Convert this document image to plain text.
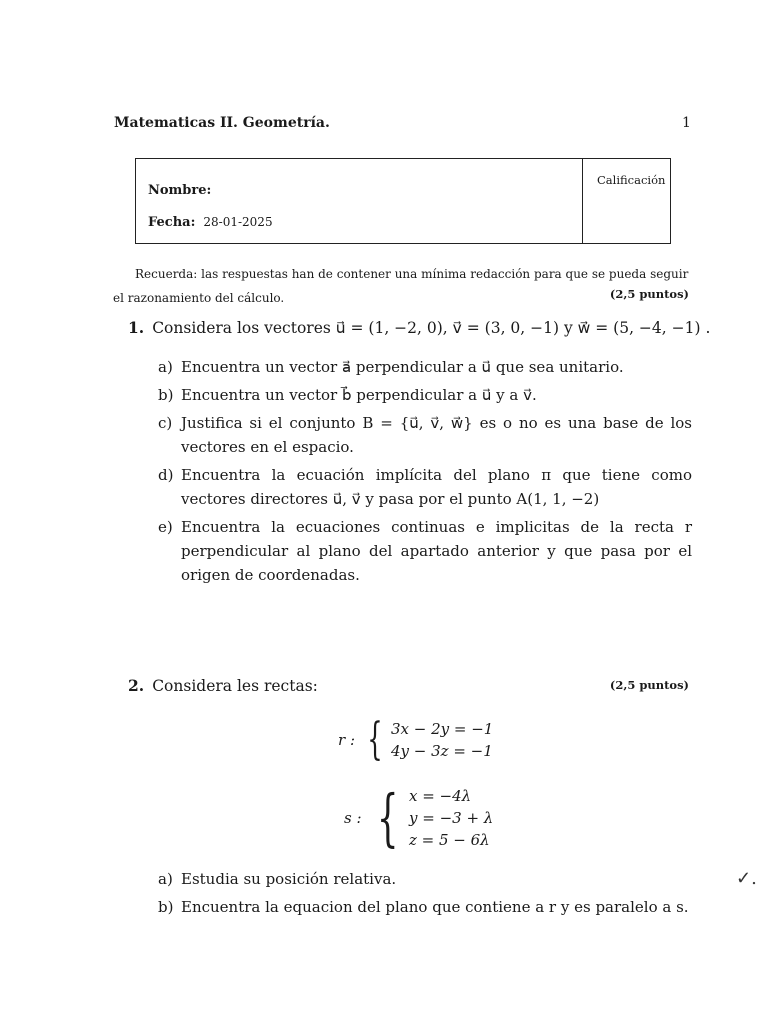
Matematicas II. Geometría.	1
Nombre:
Fecha: 28-01-2025
Calificación
Recuerda: las respuestas han de contener una mínima redacción para que se pueda seguir
el razonamiento del cálculo.	(2,5 puntos)
1. Considera los vectores u⃗ = (1, −2, 0), v⃗ = (3, 0, −1) y w⃗ = (5, −4, −1) .
a) Encuentra un vector a⃗ perpendicular a u⃗ que sea unitario.
b) Encuentra un vector b⃗ perpendicular a u⃗ y a v⃗.
c) Justifica si el conjunto B = {u⃗, v⃗, w⃗} es o no es una base de los vectores en el espacio.
d) Encuentra la ecuación implícita del plano π que tiene como vectores directores u⃗, v⃗ y pasa por el punto A(1, 1, −2)
e) Encuentra la ecuaciones continuas e implicitas de la recta r perpendicular al plano del apartado anterior y que pasa por el origen de coordenadas.
2. Considera les rectas:	(2,5 puntos)
r : { 3x − 2y = −1
4y − 3z = −1
s : { x = −4λ
y = −3 + λ
z = 5 − 6λ
a) Estudia su posición relativa.
b) Encuentra la equacion del plano que contiene a r y es paralelo a s.
✓.
